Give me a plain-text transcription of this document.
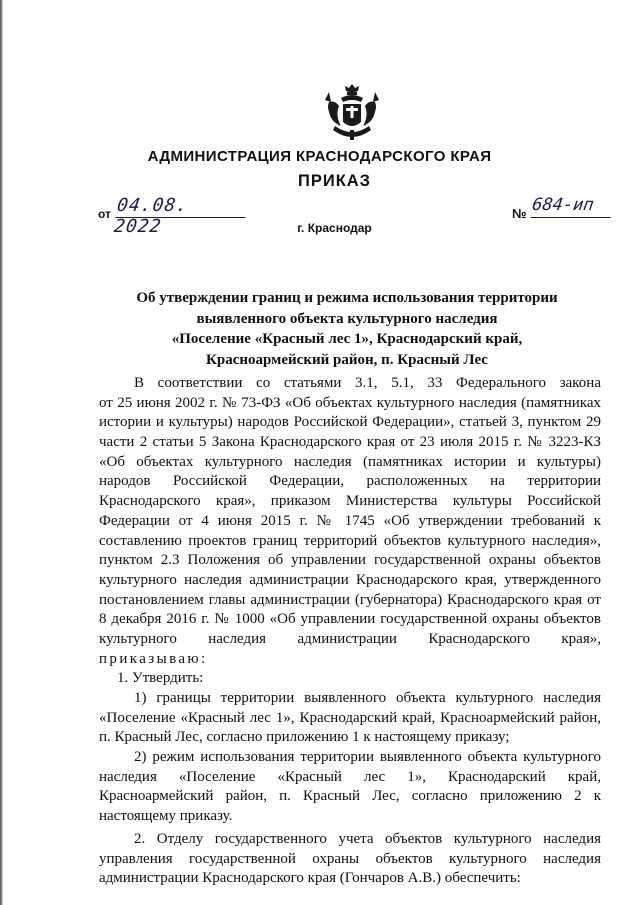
АДМИНИСТРАЦИЯ КРАСНОДАРСКОГО КРАЯ
ПРИКАЗ
от 04.08. 2022	г. Краснодар
№ 684-ип
Об утверждении границ и режима использования территории
выявленного объекта культурного наследия
«Поселение «Красный лес 1», Краснодарский край,
Красноармейский район, п. Красный Лес
В соответствии со статьями 3.1, 5.1, 33 Федерального закона
от 25 июня 2002 г. № 73-ФЗ «Об объектах культурного наследия (памятниках
истории и культуры) народов Российской Федерации», статьей 3, пунктом 29
части 2 статьи 5 Закона Краснодарского края от 23 июля 2015 г. № 3223-КЗ
«Об объектах культурного наследия (памятниках истории и культуры)
народов Российской Федерации, расположенных на территории
Краснодарского края», приказом Министерства культуры Российской
Федерации от 4 июня 2015 г. № 1745 «Об утверждении требований к
составлению проектов границ территорий объектов культурного наследия»,
пунктом 2.3 Положения об управлении государственной охраны объектов
культурного наследия администрации Краснодарского края, утвержденного
постановлением главы администрации (губернатора) Краснодарского края от
8 декабря 2016 г. № 1000 «Об управлении государственной охраны объектов
культурного наследия администрации Краснодарского края»,
приказываю:
1. Утвердить:
1) границы территории выявленного объекта культурного наследия
«Поселение «Красный лес 1», Краснодарский край, Красноармейский район,
п. Красный Лес, согласно приложению 1 к настоящему приказу;
2) режим использования территории выявленного объекта культурного
наследия «Поселение «Красный лес 1», Краснодарский край,
Красноармейский район, п. Красный Лес, согласно приложению 2 к
настоящему приказу.
2. Отделу государственного учета объектов культурного наследия
управления государственной охраны объектов культурного наследия
администрации Краснодарского края (Гончаров А.В.) обеспечить:
